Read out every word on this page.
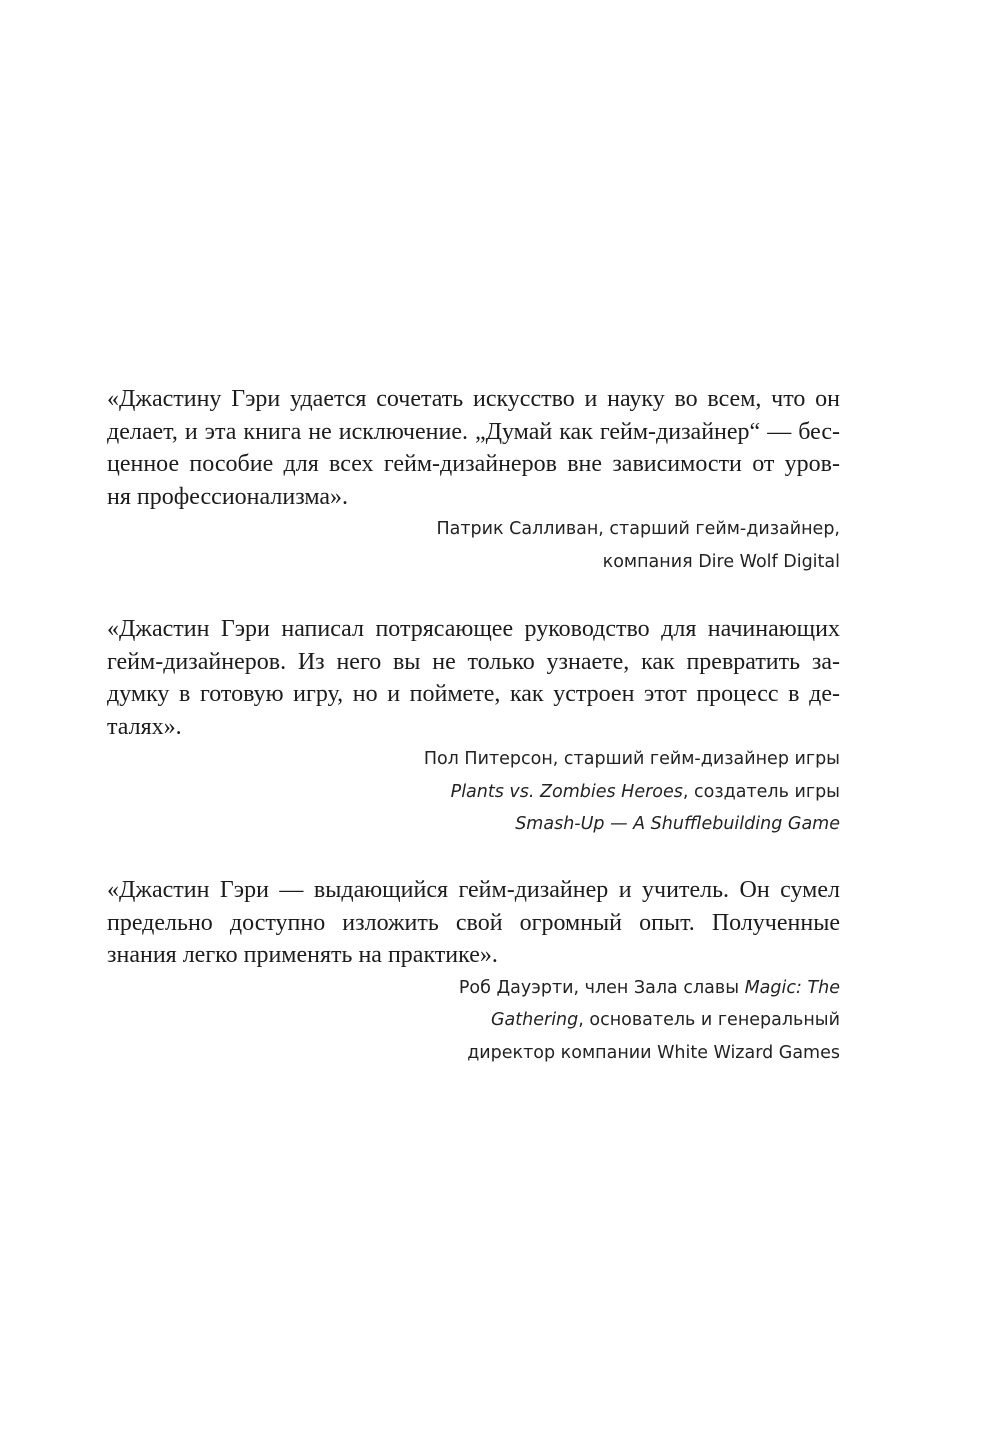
«Джастину Гэри удается сочетать искусство и науку во всем, что он
делает, и эта книга не исключение. „Думай как гейм-дизайнер“ — бес-
ценное пособие для всех гейм-дизайнеров вне зависимости от уров-
ня профессионализма».

Патрик Салливан, старший гейм-дизайнер,
компания Dire Wolf Digital

«Джастин Гэри написал потрясающее руководство для начинающих
гейм-дизайнеров. Из него вы не только узнаете, как превратить за-
думку в готовую игру, но и поймете, как устроен этот процесс в де-
талях».

Пол Питерсон, старший гейм-дизайнер игры
Plants vs. Zombies Heroes, создатель игры
Smash-Up — A Shufflebuilding Game

«Джастин Гэри — выдающийся гейм-дизайнер и учитель. Он сумел
предельно доступно изложить свой огромный опыт. Полученные
знания легко применять на практике».

Роб Дауэрти, член Зала славы Magic: The
Gathering, основатель и генеральный
директор компании White Wizard Games
